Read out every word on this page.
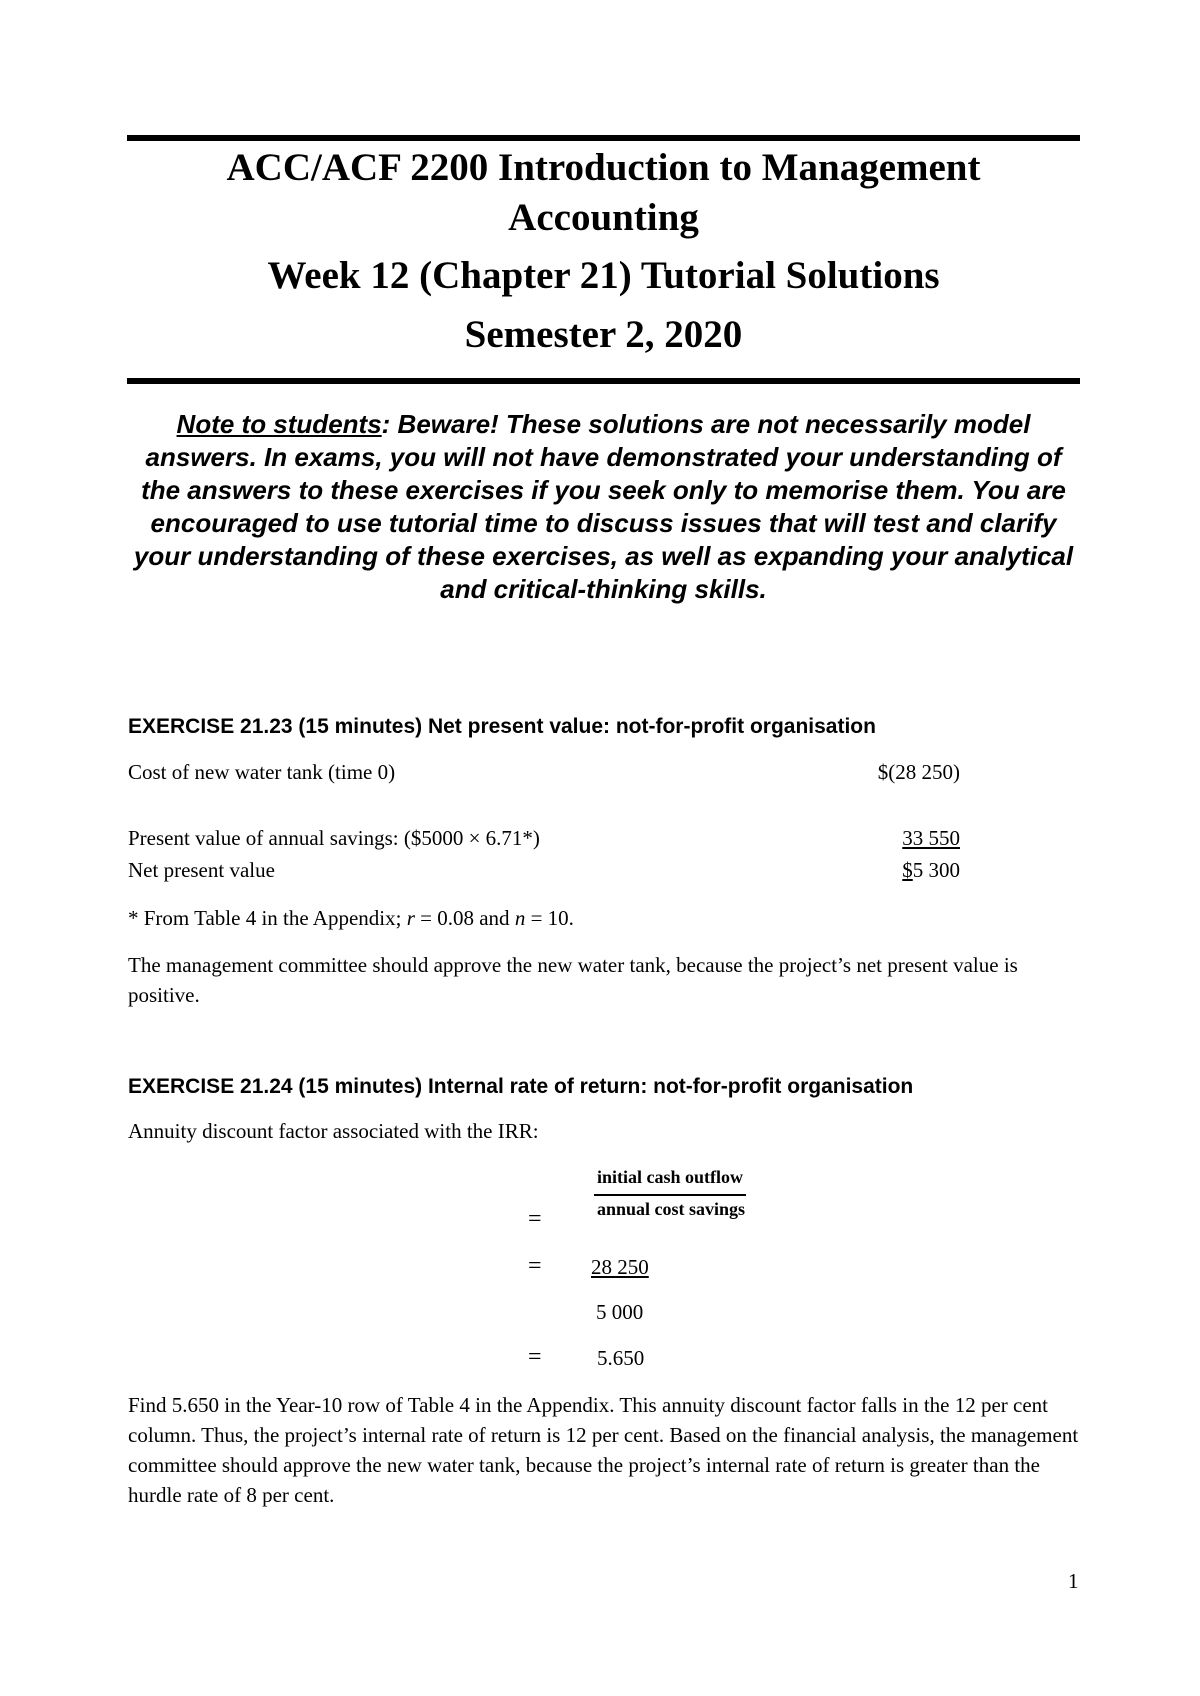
ACC/ACF 2200 Introduction to Management
Accounting
Week 12 (Chapter 21) Tutorial Solutions
Semester 2, 2020
Note to students: Beware! These solutions are not necessarily model answers. In exams, you will not have demonstrated your understanding of the answers to these exercises if you seek only to memorise them. You are encouraged to use tutorial time to discuss issues that will test and clarify your understanding of these exercises, as well as expanding your analytical and critical-thinking skills.
EXERCISE 21.23 (15 minutes) Net present value: not-for-profit organisation
Cost of new water tank (time 0)	$(28 250)
Present value of annual savings: ($5000 × 6.71*)	33 550
Net present value	$5 300
* From Table 4 in the Appendix; r = 0.08 and n = 10.
The management committee should approve the new water tank, because the project’s net present value is positive.
EXERCISE 21.24 (15 minutes) Internal rate of return: not-for-profit organisation
Annuity discount factor associated with the IRR:
initial cash outflow
annual cost savings
=
= 28 250
5 000
=	5.650
Find 5.650 in the Year-10 row of Table 4 in the Appendix. This annuity discount factor falls in the 12 per cent column. Thus, the project’s internal rate of return is 12 per cent. Based on the financial analysis, the management committee should approve the new water tank, because the project’s internal rate of return is greater than the hurdle rate of 8 per cent.
1
